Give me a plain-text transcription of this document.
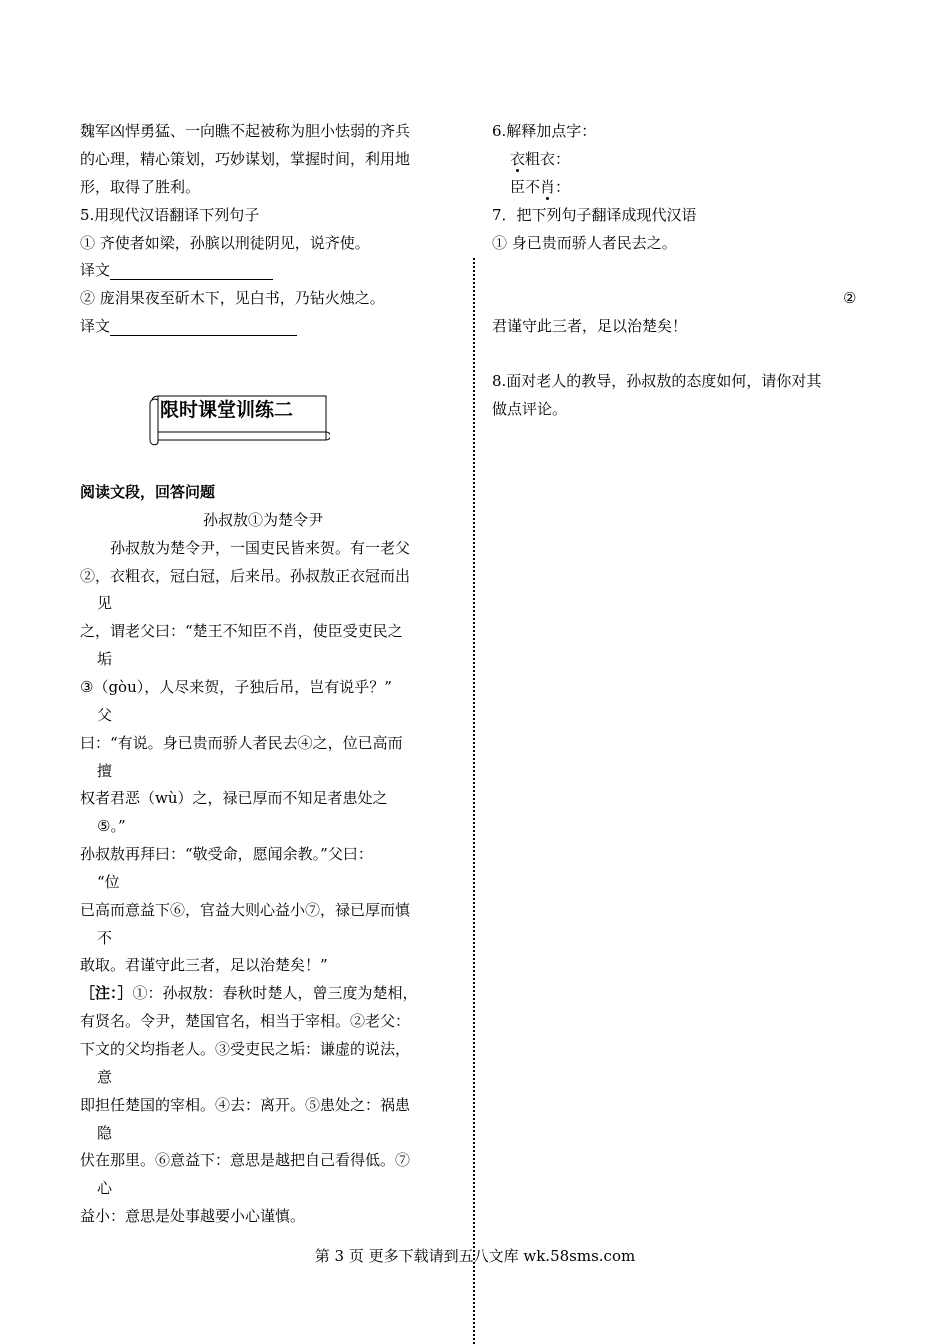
魏军凶悍勇猛、一向瞧不起被称为胆小怯弱的齐兵
的心理，精心策划，巧妙谋划，掌握时间，利用地
形，取得了胜利。
5.用现代汉语翻译下列句子
① 齐使者如梁，孙膑以刑徒阴见，说齐使。
译文
② 庞涓果夜至斫木下，见白书，乃钻火烛之。
译文
限时课堂训练二
阅读文段，回答问题
孙叔敖①为楚令尹
孙叔敖为楚令尹，一国吏民皆来贺。有一老父
②，衣粗衣，冠白冠，后来吊。孙叔敖正衣冠而出
见
之，谓老父曰：“楚王不知臣不肖，使臣受吏民之
垢
③（gòu），人尽来贺，子独后吊，岂有说乎？”
父
曰：“有说。身已贵而骄人者民去④之，位已高而
擅
权者君恶（wù）之，禄已厚而不知足者患处之
⑤。”
孙叔敖再拜曰：“敬受命，愿闻余教。”父曰：
“位
已高而意益下⑥，官益大则心益小⑦，禄已厚而慎
不
敢取。君谨守此三者，足以治楚矣！”
［注：］①：孙叔敖：春秋时楚人，曾三度为楚相，
有贤名。令尹，楚国官名，相当于宰相。②老父：
下文的父均指老人。③受吏民之垢：谦虚的说法，
意
即担任楚国的宰相。④去：离开。⑤患处之：祸患
隐
伏在那里。⑥意益下：意思是越把自己看得低。⑦
心
益小：意思是处事越要小心谨慎。
6.解释加点字：
衣粗衣：
臣不肖：
7．把下列句子翻译成现代汉语
① 身已贵而骄人者民去之。
②
君谨守此三者，足以治楚矣！
8.面对老人的教导，孙叔敖的态度如何，请你对其
做点评论。
第 3 页 更多下载请到五八文库 wk.58sms.com
